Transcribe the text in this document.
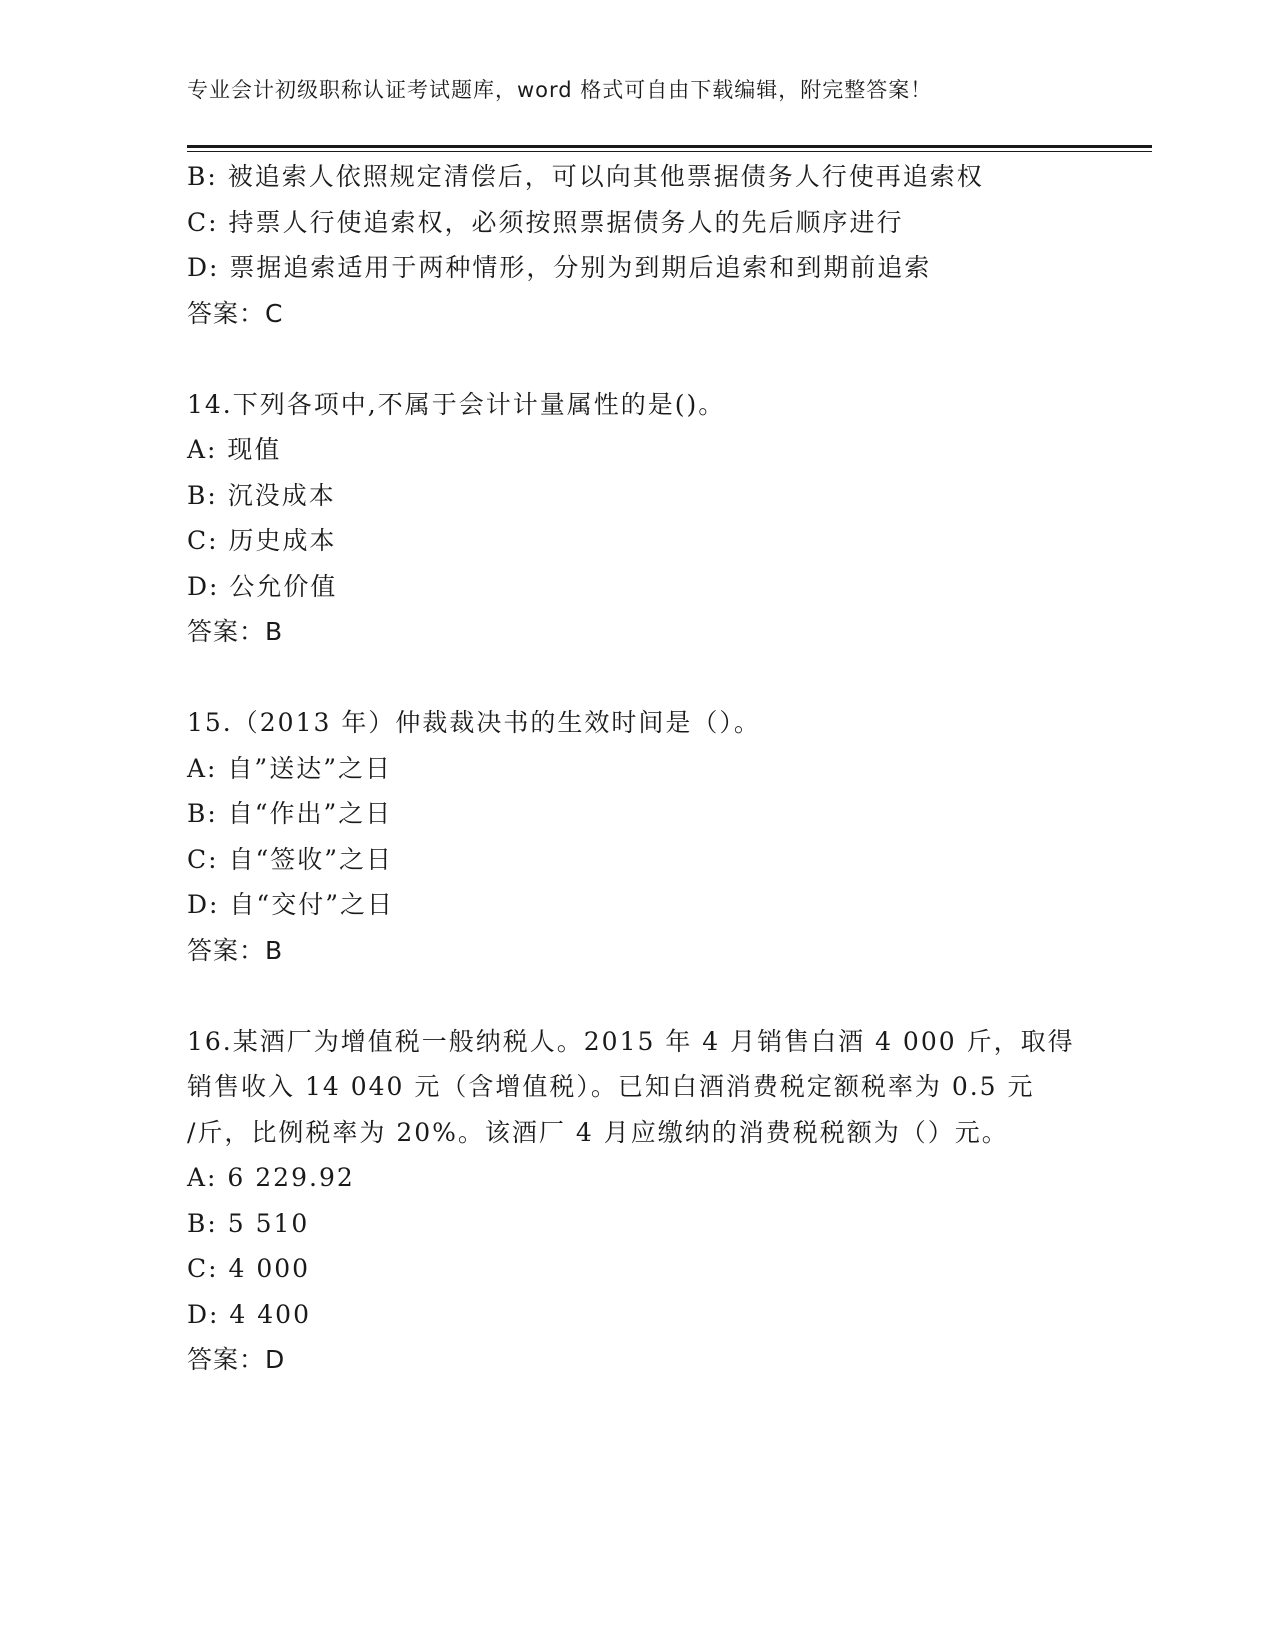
专业会计初级职称认证考试题库，word 格式可自由下载编辑，附完整答案！
B: 被追索人依照规定清偿后，可以向其他票据债务人行使再追索权
C: 持票人行使追索权，必须按照票据债务人的先后顺序进行
D: 票据追索适用于两种情形，分别为到期后追索和到期前追索
答案：C
14.下列各项中,不属于会计计量属性的是()。
A: 现值
B: 沉没成本
C: 历史成本
D: 公允价值
答案：B
15.（2013 年）仲裁裁决书的生效时间是（）。
A: 自”送达”之日
B: 自“作出”之日
C: 自“签收”之日
D: 自“交付”之日
答案：B
16.某酒厂为增值税一般纳税人。2015 年 4 月销售白酒 4 000 斤，取得
销售收入 14 040 元（含增值税）。已知白酒消费税定额税率为 0.5 元
/斤，比例税率为 20%。该酒厂 4 月应缴纳的消费税税额为（）元。
A: 6 229.92
B: 5 510
C: 4 000
D: 4 400
答案：D
